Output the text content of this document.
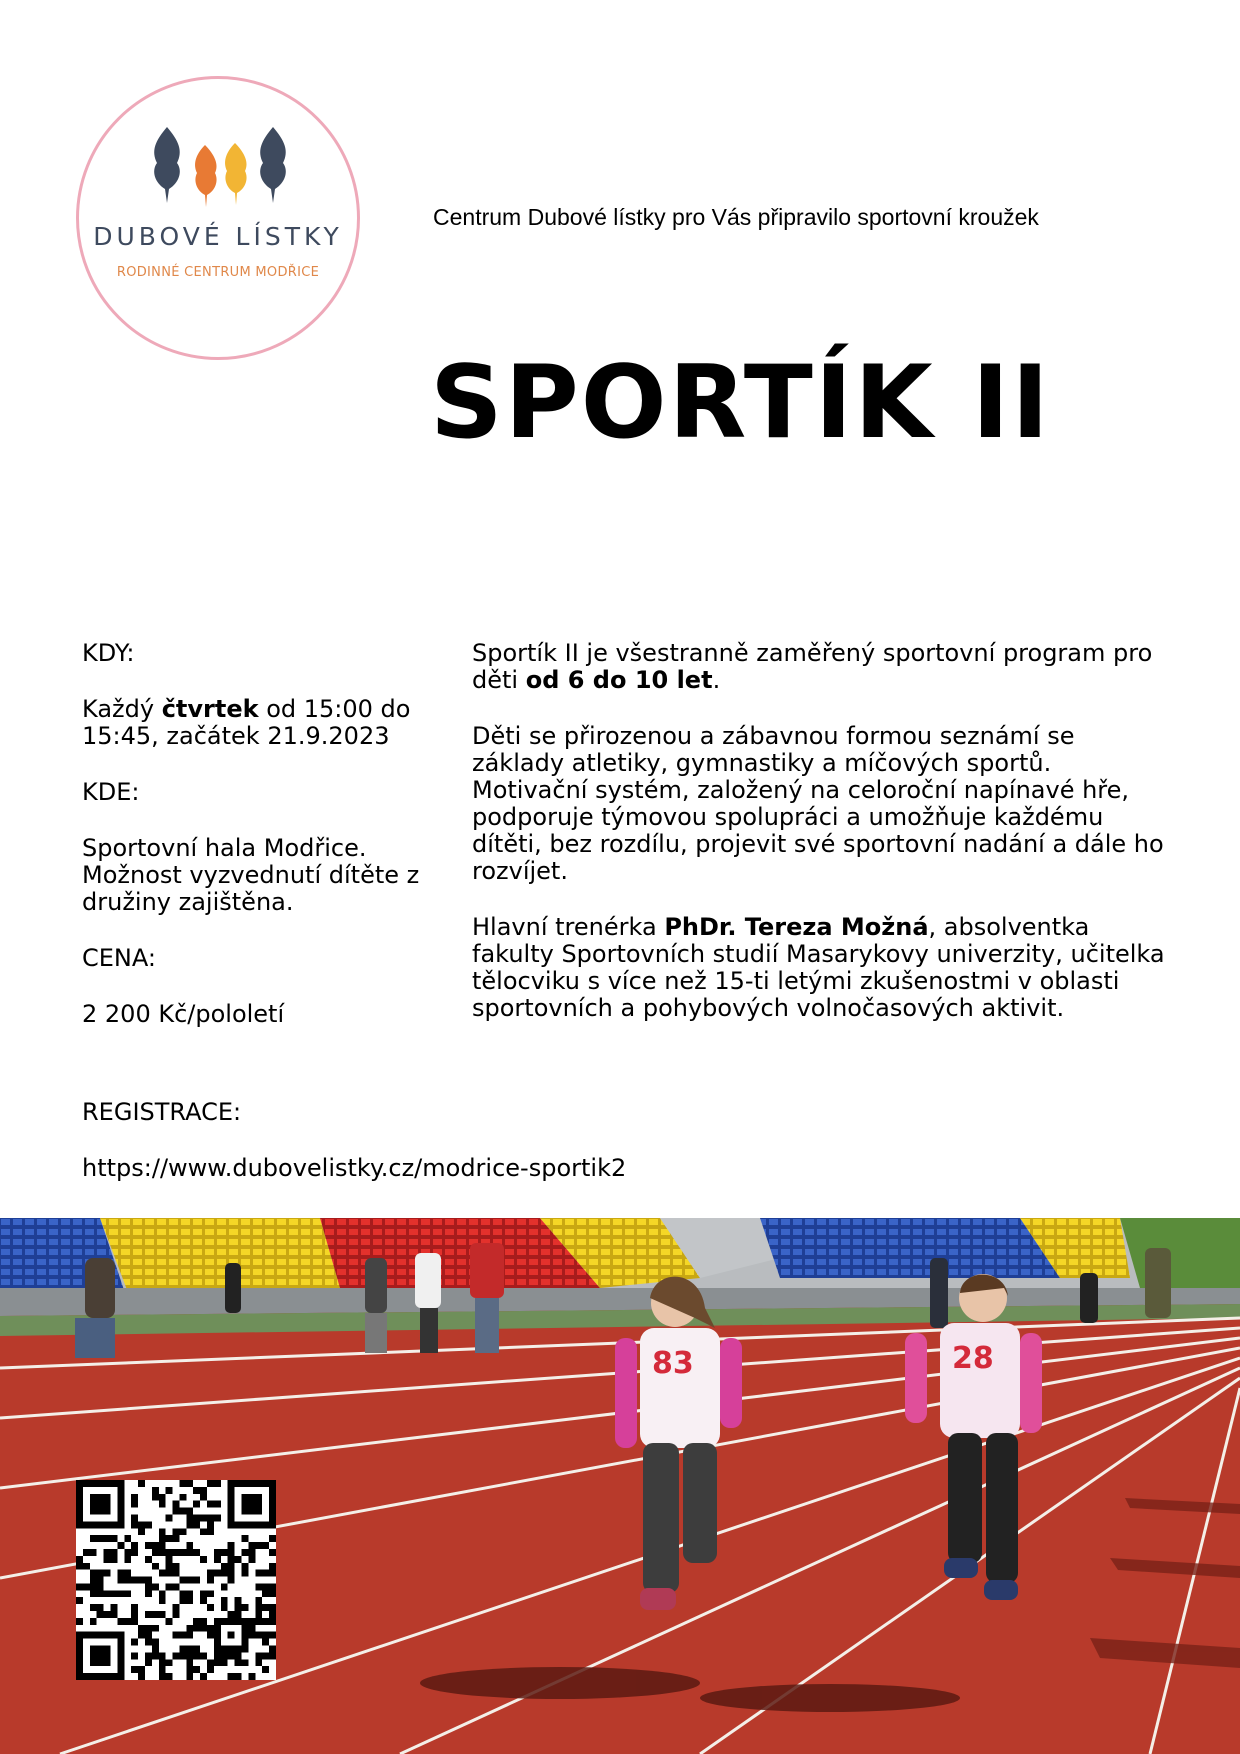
DUBOVÉ LÍSTKY
RODINNÉ CENTRUM MODŘICE
Centrum Dubové lístky pro Vás připravilo sportovní kroužek
SPORTÍK II

KDY:

Každý čtvrtek od 15:00 do 15:45, začátek 21.9.2023

KDE:

Sportovní hala Modřice. Možnost vyzvednutí dítěte z družiny zajištěna.

CENA:

2 200 Kč/pololetí

Sportík II je všestranně zaměřený sportovní program pro děti od 6 do 10 let.

Děti se přirozenou a zábavnou formou seznámí se základy atletiky, gymnastiky a míčových sportů. Motivační systém, založený na celoroční napínavé hře, podporuje týmovou spolupráci a umožňuje každému dítěti, bez rozdílu, projevit své sportovní nadání a dále ho rozvíjet.

Hlavní trenérka PhDr. Tereza Možná, absolventka fakulty Sportovních studií Masarykovy univerzity, učitelka tělocviku s více než 15-ti letými zkušenostmi v oblasti sportovních a pohybových volnočasových aktivit.

REGISTRACE:

https://www.dubovelistky.cz/modrice-sportik2

83	28
